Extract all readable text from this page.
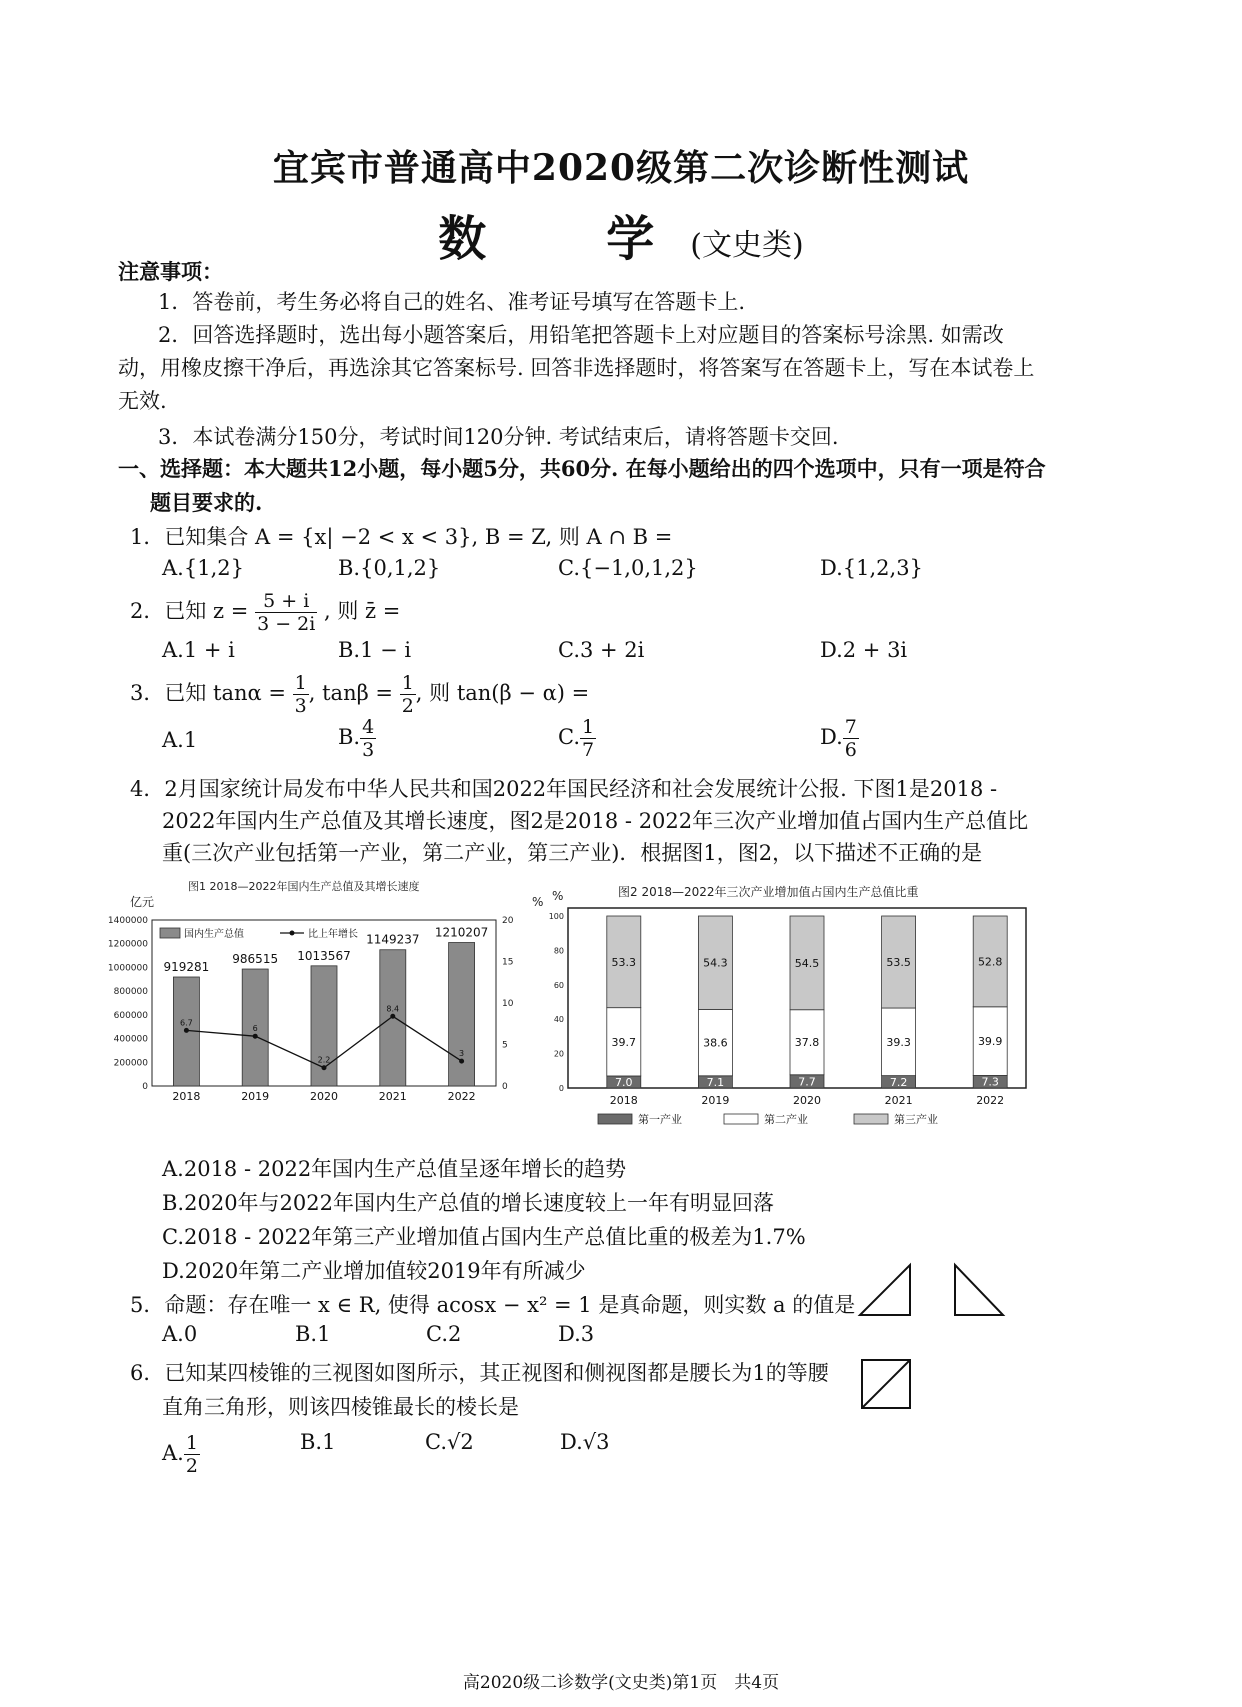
宜宾市普通高中2020级第二次诊断性测试
数　学(文史类)
注意事项：
1．答卷前，考生务必将自己的姓名、准考证号填写在答题卡上.
2．回答选择题时，选出每小题答案后，用铅笔把答题卡上对应题目的答案标号涂黑. 如需改
动，用橡皮擦干净后，再选涂其它答案标号. 回答非选择题时，将答案写在答题卡上，写在本试卷上
无效.
3．本试卷满分150分，考试时间120分钟. 考试结束后，请将答题卡交回.
一、选择题：本大题共12小题，每小题5分，共60分. 在每小题给出的四个选项中，只有一项是符合
题目要求的.
1．已知集合 A = {x| −2 < x < 3}, B = Z, 则 A ∩ B =
A.{1,2}	B.{0,1,2}	C.{−1,0,1,2}	D.{1,2,3}
2．已知 $z = \frac{5 + i}{3 - 2i}$ , 则 z̄ =
A.1 + i	B.1 − i	C.3 + 2i	D.2 + 3i
3．已知 $\tan\alpha = \frac{1}{3}$ , $\tan\beta = \frac{1}{2}$ , 则 tan(β − α) =
A.1	B. $\frac{4}{3}$	C. $\frac{1}{7}$	D. $\frac{7}{6}$
4．2月国家统计局发布中华人民共和国2022年国民经济和社会发展统计公报. 下图1是2018 -
2022年国内生产总值及其增长速度，图2是2018 - 2022年三次产业增加值占国内生产总值比
重(三次产业包括第一产业，第二产业，第三产业)．根据图1，图2，以下描述不正确的是
图1 2018—2022年国内生产总值及其增长速度
亿元	%
1400000
1200000
1000000
800000
600000
400000
200000
0
20
15
10
5
0
919281
2018
986515
2019
1013567
2020
1149237
2021
1210207
2022
6.7
6
2.2
8.4
3
国内生产总值	比上年增长
图2 2018—2022年三次产业增加值占国内生产总值比重
%
100
80
60
40
20
0	7.0
39.7
53.3
2018
7.1
38.6
54.3
2019
7.7
37.8
54.5
2020
7.2
39.3
53.5
2021
7.3
39.9
52.8
2022
第一产业	第二产业	第三产业
A.2018 - 2022年国内生产总值呈逐年增长的趋势
B.2020年与2022年国内生产总值的增长速度较上一年有明显回落
C.2018 - 2022年第三产业增加值占国内生产总值比重的极差为1.7%
D.2020年第二产业增加值较2019年有所减少
5．命题：存在唯一 x ∈ R, 使得 acosx − x² = 1 是真命题，则实数 a 的值是
A.0	B.1	C.2	D.3
6．已知某四棱锥的三视图如图所示，其正视图和侧视图都是腰长为1的等腰
直角三角形，则该四棱锥最长的棱长是
A. $\frac{1}{2}$	B.1	C.√2	D.√3
高2020级二诊数学(文史类)第1页　共4页
